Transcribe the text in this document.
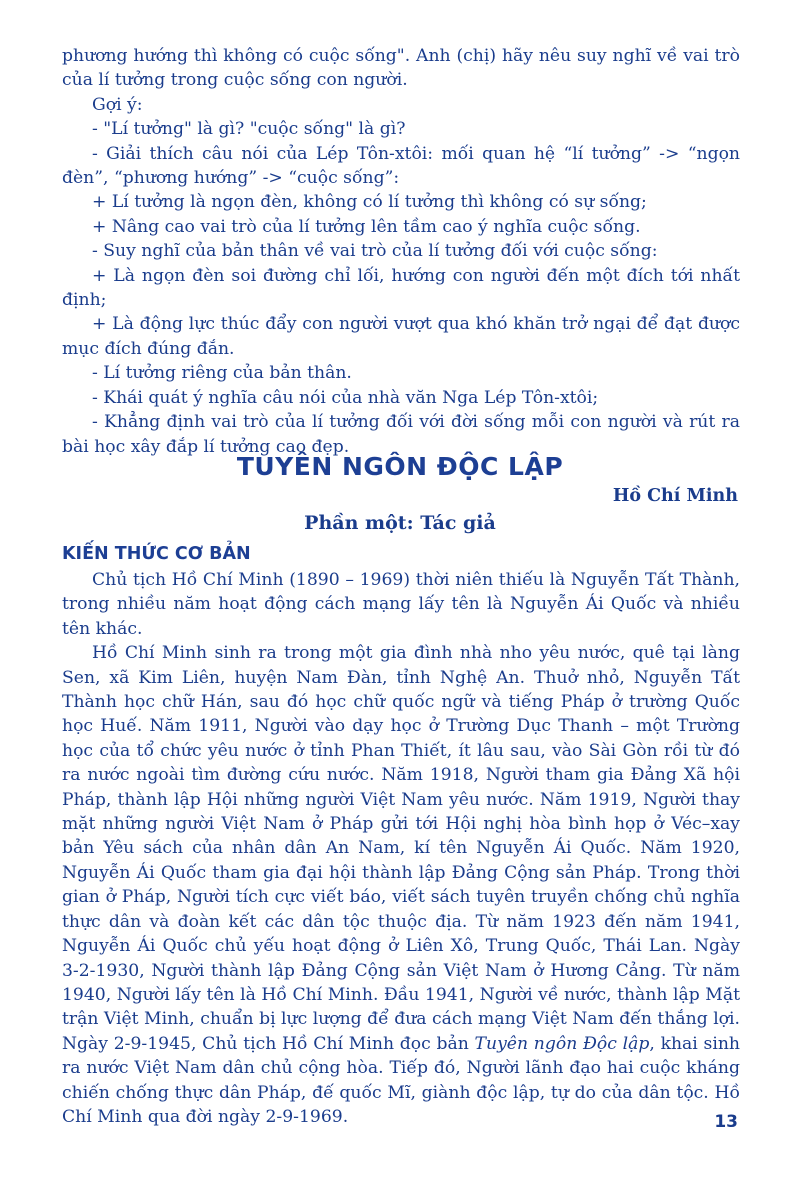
phương hướng thì không có cuộc sống". Anh (chị) hãy nêu suy nghĩ về vai trò của lí tưởng trong cuộc sống con người.

Gợi ý:

- "Lí tưởng" là gì? "cuộc sống" là gì?

- Giải thích câu nói của Lép Tôn-xtôi: mối quan hệ “lí tưởng” -> “ngọn đèn”, “phương hướng” -> “cuộc sống”:

+ Lí tưởng là ngọn đèn, không có lí tưởng thì không có sự sống;

+ Nâng cao vai trò của lí tưởng lên tầm cao ý nghĩa cuộc sống.

- Suy nghĩ của bản thân về vai trò của lí tưởng đối với cuộc sống:

+ Là ngọn đèn soi đường chỉ lối, hướng con người đến một đích tới nhất định;

+ Là động lực thúc đẩy con người vượt qua khó khăn trở ngại để đạt được mục đích đúng đắn.

- Lí tưởng riêng của bản thân.

- Khái quát ý nghĩa câu nói của nhà văn Nga Lép Tôn-xtôi;

- Khẳng định vai trò của lí tưởng đối với đời sống mỗi con người và rút ra bài học xây đắp lí tưởng cao đẹp.

TUYÊN NGÔN ĐỘC LẬP
Hồ Chí Minh
Phần một: Tác giả
KIẾN THỨC CƠ BẢN

Chủ tịch Hồ Chí Minh (1890 – 1969) thời niên thiếu là Nguyễn Tất Thành, trong nhiều năm hoạt động cách mạng lấy tên là Nguyễn Ái Quốc và nhiều tên khác.

Hồ Chí Minh sinh ra trong một gia đình nhà nho yêu nước, quê tại làng Sen, xã Kim Liên, huyện Nam Đàn, tỉnh Nghệ An. Thuở nhỏ, Nguyễn Tất Thành học chữ Hán, sau đó học chữ quốc ngữ và tiếng Pháp ở trường Quốc học Huế. Năm 1911, Người vào dạy học ở Trường Dục Thanh – một Trường học của tổ chức yêu nước ở tỉnh Phan Thiết, ít lâu sau, vào Sài Gòn rồi từ đó ra nước ngoài tìm đường cứu nước. Năm 1918, Người tham gia Đảng Xã hội Pháp, thành lập Hội những người Việt Nam yêu nước. Năm 1919, Người thay mặt những người Việt Nam ở Pháp gửi tới Hội nghị hòa bình họp ở Véc–xay bản Yêu sách của nhân dân An Nam, kí tên Nguyễn Ái Quốc. Năm 1920, Nguyễn Ái Quốc tham gia đại hội thành lập Đảng Cộng sản Pháp. Trong thời gian ở Pháp, Người tích cực viết báo, viết sách tuyên truyền chống chủ nghĩa thực dân và đoàn kết các dân tộc thuộc địa. Từ năm 1923 đến năm 1941, Nguyễn Ái Quốc chủ yếu hoạt động ở Liên Xô, Trung Quốc, Thái Lan. Ngày 3-2-1930, Người thành lập Đảng Cộng sản Việt Nam ở Hương Cảng. Từ năm 1940, Người lấy tên là Hồ Chí Minh. Đầu 1941, Người về nước, thành lập Mặt trận Việt Minh, chuẩn bị lực lượng để đưa cách mạng Việt Nam đến thắng lợi. Ngày 2-9-1945, Chủ tịch Hồ Chí Minh đọc bản Tuyên ngôn Độc lập, khai sinh ra nước Việt Nam dân chủ cộng hòa. Tiếp đó, Người lãnh đạo hai cuộc kháng chiến chống thực dân Pháp, đế quốc Mĩ, giành độc lập, tự do của dân tộc. Hồ Chí Minh qua đời ngày 2-9-1969.	13
